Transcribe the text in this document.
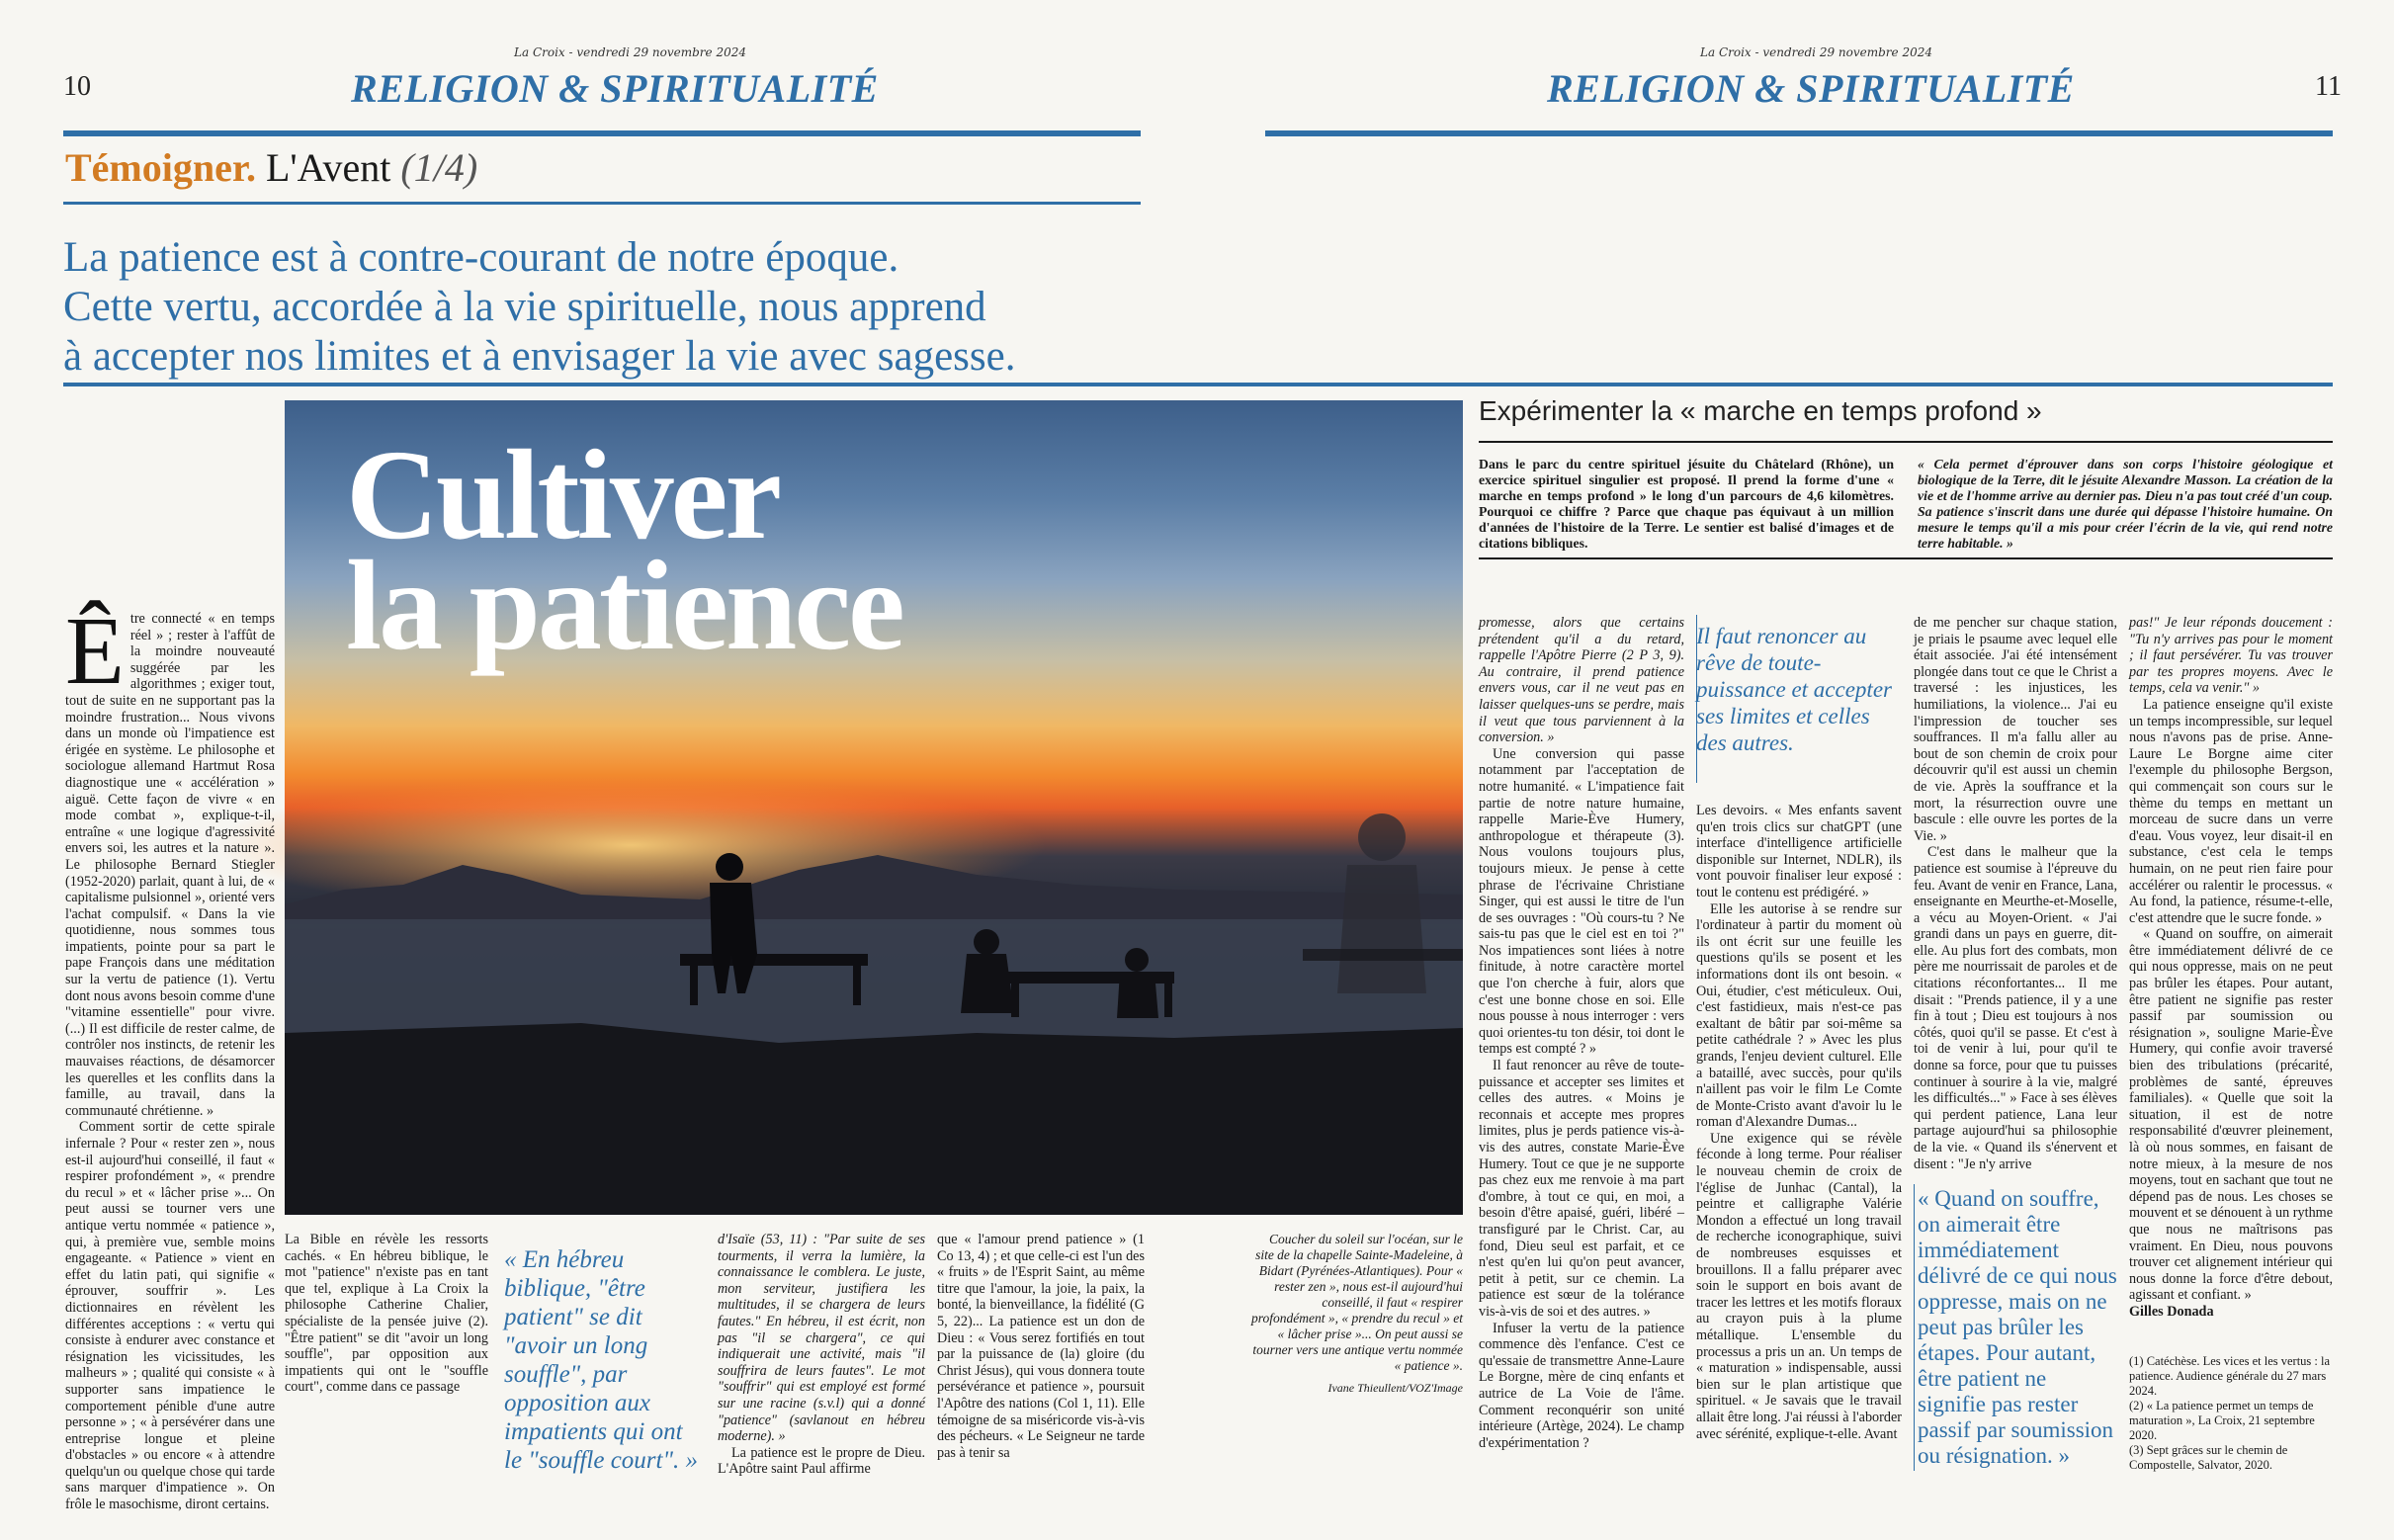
La Croix - vendredi 29 novembre 2024
10	RELIGION & SPIRITUALITÉ
La Croix - vendredi 29 novembre 2024
11
RELIGION & SPIRITUALITÉ
Témoigner. L'Avent (1/4)
La patience est à contre-courant de notre époque.
Cette vertu, accordée à la vie spirituelle, nous apprend
à accepter nos limites et à envisager la vie avec sagesse.
Cultiver
la patience
Ê tre connecté « en temps réel » ; rester à l'affût de la moindre nouveauté suggérée par les algorithmes ; exiger tout, tout de suite en ne supportant pas la moindre frustration... Nous vivons dans un monde où l'impatience est érigée en système. Le philosophe et sociologue allemand Hartmut Rosa diagnostique une « accélération » aiguë. Cette façon de vivre « en mode combat », explique-t-il, entraîne « une logique d'agressivité envers soi, les autres et la nature ». Le philosophe Bernard Stiegler (1952-2020) parlait, quant à lui, de « capitalisme pulsionnel », orienté vers l'achat compulsif. « Dans la vie quotidienne, nous sommes tous impatients, pointe pour sa part le pape François dans une méditation sur la vertu de patience (1). Vertu dont nous avons besoin comme d'une "vitamine essentielle" pour vivre. (...) Il est difficile de rester calme, de contrôler nos instincts, de retenir les mauvaises réactions, de désamorcer les querelles et les conflits dans la famille, au travail, dans la communauté chrétienne. »

Comment sortir de cette spirale infernale ? Pour « rester zen », nous est-il aujourd'hui conseillé, il faut « respirer profondément », « prendre du recul » et « lâcher prise »... On peut aussi se tourner vers une antique vertu nommée « patience », qui, à première vue, semble moins engageante. « Patience » vient en effet du latin pati, qui signifie « éprouver, souffrir ». Les dictionnaires en révèlent les différentes acceptions : « vertu qui consiste à endurer avec constance et résignation les vicissitudes, les malheurs » ; qualité qui consiste « à supporter sans impatience le comportement pénible d'une autre personne » ; « à persévérer dans une entreprise longue et pleine d'obstacles » ou encore « à attendre quelqu'un ou quelque chose qui tarde sans marquer d'impatience ». On frôle le masochisme, diront certains.

La Bible en révèle les ressorts cachés. « En hébreu biblique, le mot "patience" n'existe pas en tant que tel, explique à La Croix la philosophe Catherine Chalier, spécialiste de la pensée juive (2). "Être patient" se dit "avoir un long souffle", par opposition aux impatients qui ont le "souffle court", comme dans ce passage

« En hébreu biblique, "être patient" se dit "avoir un long souffle", par opposition aux impatients qui ont le "souffle court". »

d'Isaïe (53, 11) : "Par suite de ses tourments, il verra la lumière, la connaissance le comblera. Le juste, mon serviteur, justifiera les multitudes, il se chargera de leurs fautes." En hébreu, il est écrit, non pas "il se chargera", ce qui indiquerait une activité, mais "il souffrira de leurs fautes". Le mot "souffrir" qui est employé est formé sur une racine (s.v.l) qui a donné "patience" (savlanout en hébreu moderne). »

La patience est le propre de Dieu. L'Apôtre saint Paul affirme

que « l'amour prend patience » (1 Co 13, 4) ; et que celle-ci est l'un des « fruits » de l'Esprit Saint, au même titre que l'amour, la joie, la paix, la bonté, la bienveillance, la fidélité (G 5, 22)... La patience est un don de Dieu : « Vous serez fortifiés en tout par la puissance de (la) gloire (du Christ Jésus), qui vous donnera toute persévérance et patience », poursuit l'Apôtre des nations (Col 1, 11). Elle témoigne de sa miséricorde vis-à-vis des pécheurs. « Le Seigneur ne tarde pas à tenir sa

Coucher du soleil sur l'océan, sur le site de la chapelle Sainte-Madeleine, à Bidart (Pyrénées-Atlantiques). Pour « rester zen », nous est-il aujourd'hui conseillé, il faut « respirer profondément », « prendre du recul » et « lâcher prise »... On peut aussi se tourner vers une antique vertu nommée « patience ».
Ivane Thieullent/VOZ'Image
Expérimenter la « marche en temps profond »
Dans le parc du centre spirituel jésuite du Châtelard (Rhône), un exercice spirituel singulier est proposé. Il prend la forme d'une « marche en temps profond » le long d'un parcours de 4,6 kilomètres. Pourquoi ce chiffre ? Parce que chaque pas équivaut à un million d'années de l'histoire de la Terre. Le sentier est balisé d'images et de citations bibliques.
« Cela permet d'éprouver dans son corps l'histoire géologique et biologique de la Terre, dit le jésuite Alexandre Masson. La création de la vie et de l'homme arrive au dernier pas. Dieu n'a pas tout créé d'un coup. Sa patience s'inscrit dans une durée qui dépasse l'histoire humaine. On mesure le temps qu'il a mis pour créer l'écrin de la vie, qui rend notre terre habitable. »

promesse, alors que certains prétendent qu'il a du retard, rappelle l'Apôtre Pierre (2 P 3, 9). Au contraire, il prend patience envers vous, car il ne veut pas en laisser quelques-uns se perdre, mais il veut que tous parviennent à la conversion. »

Une conversion qui passe notamment par l'acceptation de notre humanité. « L'impatience fait partie de notre nature humaine, rappelle Marie-Ève Humery, anthropologue et thérapeute (3). Nous voulons toujours plus, toujours mieux. Je pense à cette phrase de l'écrivaine Christiane Singer, qui est aussi le titre de l'un de ses ouvrages : "Où cours-tu ? Ne sais-tu pas que le ciel est en toi ?" Nos impatiences sont liées à notre finitude, à notre caractère mortel que l'on cherche à fuir, alors que c'est une bonne chose en soi. Elle nous pousse à nous interroger : vers quoi orientes-tu ton désir, toi dont le temps est compté ? »

Il faut renoncer au rêve de toute-puissance et accepter ses limites et celles des autres. « Moins je reconnais et accepte mes propres limites, plus je perds patience vis-à-vis des autres, constate Marie-Ève Humery. Tout ce que je ne supporte pas chez eux me renvoie à ma part d'ombre, à tout ce qui, en moi, a besoin d'être apaisé, guéri, libéré – transfiguré par le Christ. Car, au fond, Dieu seul est parfait, et ce n'est qu'en lui qu'on peut avancer, petit à petit, sur ce chemin. La patience est sœur de la tolérance vis-à-vis de soi et des autres. »

Infuser la vertu de la patience commence dès l'enfance. C'est ce qu'essaie de transmettre Anne-Laure Le Borgne, mère de cinq enfants et autrice de La Voie de l'âme. Comment reconquérir son unité intérieure (Artège, 2024). Le champ d'expérimentation ?

Il faut renoncer au rêve de toute-puissance et accepter ses limites et celles des autres.

Les devoirs. « Mes enfants savent qu'en trois clics sur chatGPT (une interface d'intelligence artificielle disponible sur Internet, NDLR), ils vont pouvoir finaliser leur exposé : tout le contenu est prédigéré. »

Elle les autorise à se rendre sur l'ordinateur à partir du moment où ils ont écrit sur une feuille les questions qu'ils se posent et les informations dont ils ont besoin. « Oui, étudier, c'est méticuleux. Oui, c'est fastidieux, mais n'est-ce pas exaltant de bâtir par soi-même sa petite cathédrale ? » Avec les plus grands, l'enjeu devient culturel. Elle a bataillé, avec succès, pour qu'ils n'aillent pas voir le film Le Comte de Monte-Cristo avant d'avoir lu le roman d'Alexandre Dumas...

Une exigence qui se révèle féconde à long terme. Pour réaliser le nouveau chemin de croix de l'église de Junhac (Cantal), la peintre et calligraphe Valérie Mondon a effectué un long travail de recherche iconographique, suivi de nombreuses esquisses et brouillons. Il a fallu préparer avec soin le support en bois avant de tracer les lettres et les motifs floraux au crayon puis à la plume métallique. L'ensemble du processus a pris un an. Un temps de « maturation » indispensable, aussi bien sur le plan artistique que spirituel. « Je savais que le travail allait être long. J'ai réussi à l'aborder avec sérénité, explique-t-elle. Avant

de me pencher sur chaque station, je priais le psaume avec lequel elle était associée. J'ai été intensément plongée dans tout ce que le Christ a traversé : les injustices, les humiliations, la violence... J'ai eu l'impression de toucher ses souffrances. Il m'a fallu aller au bout de son chemin de croix pour découvrir qu'il est aussi un chemin de vie. Après la souffrance et la mort, la résurrection ouvre une bascule : elle ouvre les portes de la Vie. »

C'est dans le malheur que la patience est soumise à l'épreuve du feu. Avant de venir en France, Lana, enseignante en Meurthe-et-Moselle, a vécu au Moyen-Orient. « J'ai grandi dans un pays en guerre, dit-elle. Au plus fort des combats, mon père me nourrissait de paroles et de citations réconfortantes... Il me disait : "Prends patience, il y a une fin à tout ; Dieu est toujours à nos côtés, quoi qu'il se passe. Et c'est à toi de venir à lui, pour qu'il te donne sa force, pour que tu puisses continuer à sourire à la vie, malgré les difficultés..." » Face à ses élèves qui perdent patience, Lana leur partage aujourd'hui sa philosophie de la vie. « Quand ils s'énervent et disent : "Je n'y arrive

« Quand on souffre, on aimerait être immédiatement délivré de ce qui nous oppresse, mais on ne peut pas brûler les étapes. Pour autant, être patient ne signifie pas rester passif par soumission ou résignation. »

pas!" Je leur réponds doucement : "Tu n'y arrives pas pour le moment ; il faut persévérer. Tu vas trouver par tes propres moyens. Avec le temps, cela va venir." »

La patience enseigne qu'il existe un temps incompressible, sur lequel nous n'avons pas de prise. Anne-Laure Le Borgne aime citer l'exemple du philosophe Bergson, qui commençait son cours sur le thème du temps en mettant un morceau de sucre dans un verre d'eau. Vous voyez, leur disait-il en substance, c'est cela le temps humain, on ne peut rien faire pour accélérer ou ralentir le processus. « Au fond, la patience, résume-t-elle, c'est attendre que le sucre fonde. »

« Quand on souffre, on aimerait être immédiatement délivré de ce qui nous oppresse, mais on ne peut pas brûler les étapes. Pour autant, être patient ne signifie pas rester passif par soumission ou résignation », souligne Marie-Ève Humery, qui confie avoir traversé bien des tribulations (précarité, problèmes de santé, épreuves familiales). « Quelle que soit la situation, il est de notre responsabilité d'œuvrer pleinement, là où nous sommes, en faisant de notre mieux, à la mesure de nos moyens, tout en sachant que tout ne dépend pas de nous. Les choses se mouvent et se dénouent à un rythme que nous ne maîtrisons pas vraiment. En Dieu, nous pouvons trouver cet alignement intérieur qui nous donne la force d'être debout, agissant et confiant. »

Gilles Donada

(1) Catéchèse. Les vices et les vertus : la patience. Audience générale du 27 mars 2024.
(2) « La patience permet un temps de maturation », La Croix, 21 septembre 2020.
(3) Sept grâces sur le chemin de Compostelle, Salvator, 2020.
